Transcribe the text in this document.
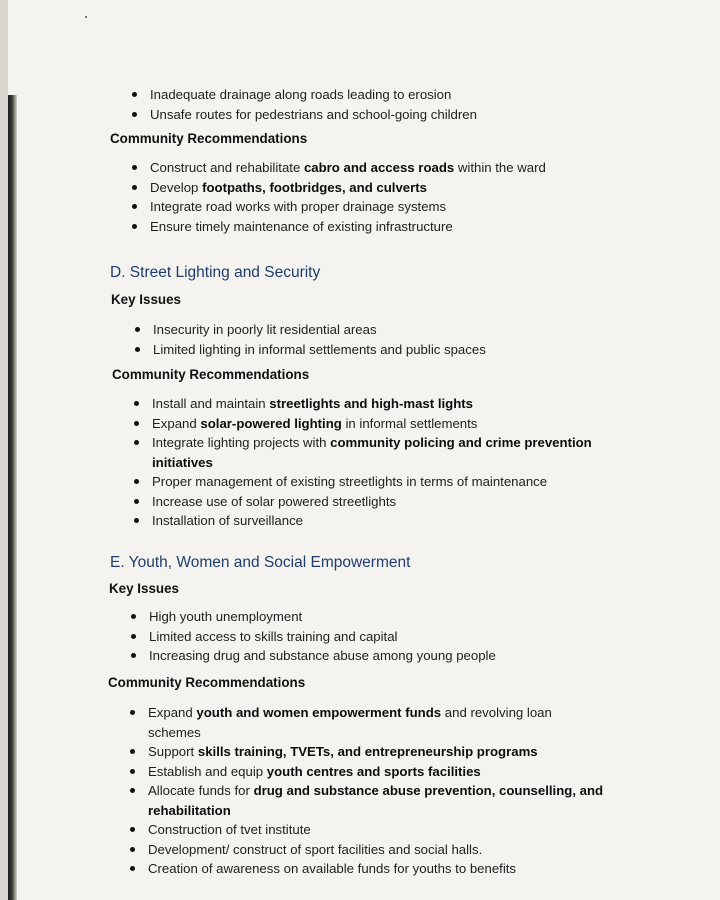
Inadequate drainage along roads leading to erosion
Unsafe routes for pedestrians and school-going children
Community Recommendations
Construct and rehabilitate cabro and access roads within the ward
Develop footpaths, footbridges, and culverts
Integrate road works with proper drainage systems
Ensure timely maintenance of existing infrastructure
D. Street Lighting and Security
Key Issues
Insecurity in poorly lit residential areas
Limited lighting in informal settlements and public spaces
Community Recommendations
Install and maintain streetlights and high-mast lights
Expand solar-powered lighting in informal settlements
Integrate lighting projects with community policing and crime prevention initiatives
Proper management of existing streetlights in terms of maintenance
Increase use of solar powered streetlights
Installation of surveillance
E. Youth, Women and Social Empowerment
Key Issues
High youth unemployment
Limited access to skills training and capital
Increasing drug and substance abuse among young people
Community Recommendations
Expand youth and women empowerment funds and revolving loan schemes
Support skills training, TVETs, and entrepreneurship programs
Establish and equip youth centres and sports facilities
Allocate funds for drug and substance abuse prevention, counselling, and rehabilitation
Construction of tvet institute
Development/ construct of sport facilities and social halls.
Creation of awareness on available funds for youths to benefits
